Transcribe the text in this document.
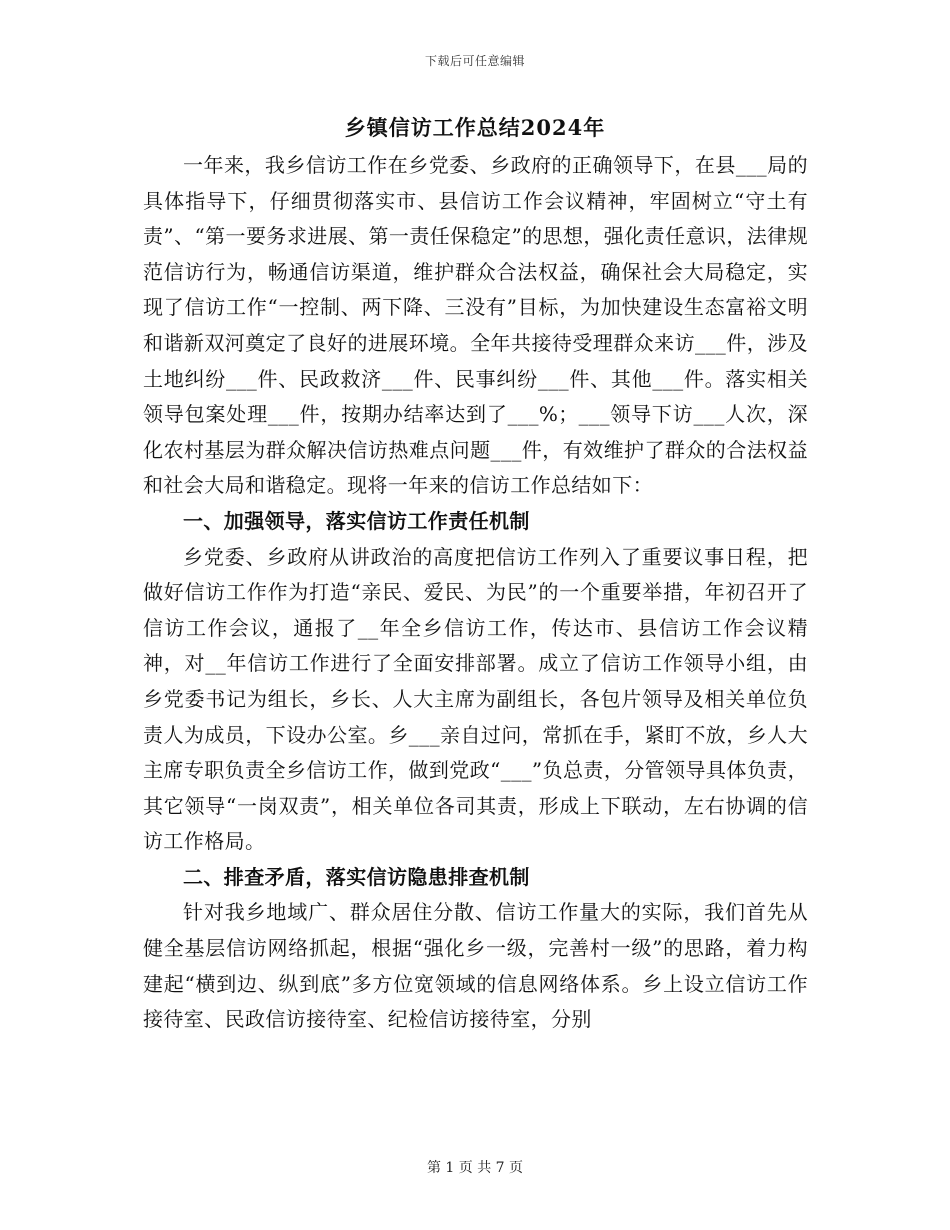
下载后可任意编辑
乡镇信访工作总结2024年

一年来，我乡信访工作在乡党委、乡政府的正确领导下，在县___局的具体指导下，仔细贯彻落实市、县信访工作会议精神，牢固树立“守土有责”、“第一要务求进展、第一责任保稳定”的思想，强化责任意识，法律规范信访行为，畅通信访渠道，维护群众合法权益，确保社会大局稳定，实现了信访工作“一控制、两下降、三没有”目标，为加快建设生态富裕文明和谐新双河奠定了良好的进展环境。全年共接待受理群众来访___件，涉及土地纠纷___件、民政救济___件、民事纠纷___件、其他___件。落实相关领导包案处理___件，按期办结率达到了___%；___领导下访___人次，深化农村基层为群众解决信访热难点问题___件，有效维护了群众的合法权益和社会大局和谐稳定。现将一年来的信访工作总结如下：

一、加强领导，落实信访工作责任机制

乡党委、乡政府从讲政治的高度把信访工作列入了重要议事日程，把做好信访工作作为打造“亲民、爱民、为民”的一个重要举措，年初召开了信访工作会议，通报了__年全乡信访工作，传达市、县信访工作会议精神，对__年信访工作进行了全面安排部署。成立了信访工作领导小组，由乡党委书记为组长，乡长、人大主席为副组长，各包片领导及相关单位负责人为成员，下设办公室。乡___亲自过问，常抓在手，紧盯不放，乡人大主席专职负责全乡信访工作，做到党政“___”负总责，分管领导具体负责，其它领导“一岗双责”，相关单位各司其责，形成上下联动，左右协调的信访工作格局。

二、排查矛盾，落实信访隐患排查机制

针对我乡地域广、群众居住分散、信访工作量大的实际，我们首先从健全基层信访网络抓起，根据“强化乡一级，完善村一级”的思路，着力构建起“横到边、纵到底”多方位宽领域的信息网络体系。乡上设立信访工作接待室、民政信访接待室、纪检信访接待室，分别

第 1 页 共 7 页
